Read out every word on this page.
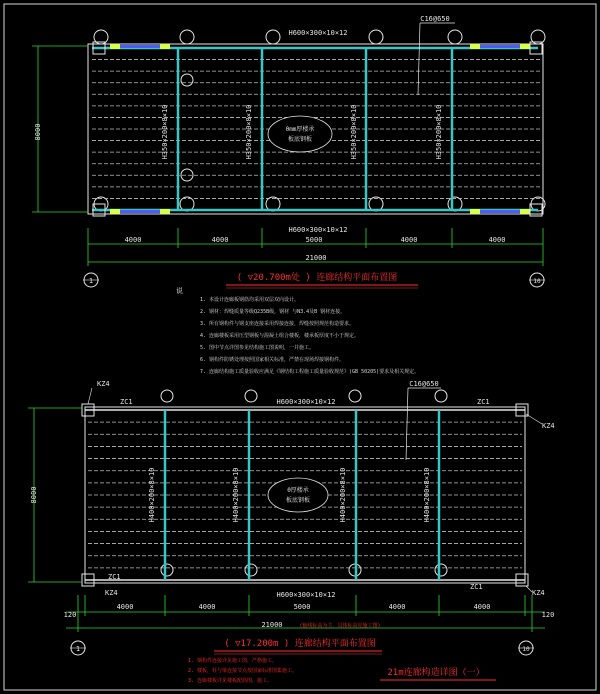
8000
H600×300×10×12
C16@650
H600×300×10×12
H350×200×8×10	H350×200×8×10	H350×200×8×10	H350×200×8×10
0mm厚楼承
板底钢板
4000	4000	5000	4000	4000
21000
1	10
( ▽20.700m处 ) 连廊结构平面布置图
说
1. 本设计连廊板钢筋均采用双层双向设计。
2. 钢材：焊缝质量等级Q235B级，钢材 与N3.4及B 钢材连接。
3. 所有钢构件与钢支座连接采用焊接连接，焊缝按照规范构造要求。
4. 连廊楼板采用压型钢板与混凝土组合楼板，楼承板厚度不小于规定。
5. 图中节点详图参见结构施工图说明，一并施工。
6. 钢构件防锈处理按照国家相关标准，严禁在现场焊接钢构件。
7. 连廊结构施工质量验收应满足《钢结构工程施工质量验收规范》(GB 50205)要求及相关规定。
KZ4
ZC1	ZC1
KZ4
ZC1
KZ4
ZC1
KZ4
H600×300×10×12
C16@650
H600×300×10×12
H400×200×8×10	H400×200×8×10	H400×200×8×10	H400×200×8×10
0厚楼承
板底钢板
8000
120	120
4000	4000	5000	4000	4000
21000	(轴线标高为主，具体标高见施工图)
1	10
( ▽17.200m ) 连廊结构平面布置图
1. 钢构件连接详见施工图，严格施工。
2. 楼板，柱与梁连接节点按国家标准图集施工。
3. 连廊楼板详见楼板配筋图，施工。
21m连廊构造详图（一）
